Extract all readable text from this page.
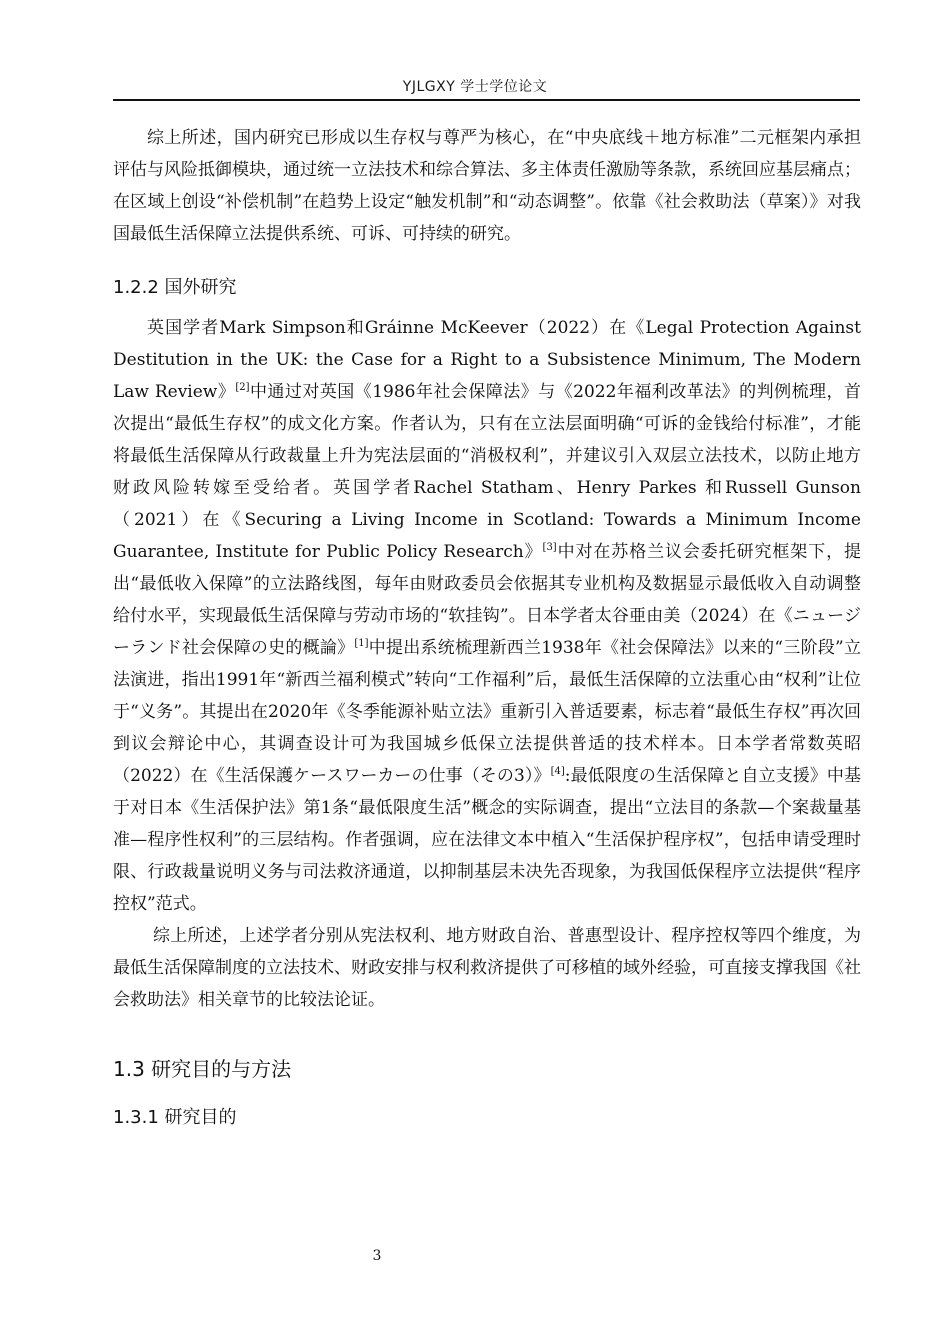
YJLGXY 学士学位论文

综上所述，国内研究已形成以生存权与尊严为核心，在“中央底线＋地方标准”二元框架内承担评估与风险抵御模块，通过统一立法技术和综合算法、多主体责任激励等条款，系统回应基层痛点；在区域上创设“补偿机制”在趋势上设定“触发机制”和“动态调整”。依靠《社会救助法（草案）》对我国最低生活保障立法提供系统、可诉、可持续的研究。

1.2.2 国外研究

英国学者Mark Simpson和Gráinne McKeever（2022）在《Legal Protection Against Destitution in the UK: the Case for a Right to a Subsistence Minimum, The Modern Law Review》[2]中通过对英国《1986年社会保障法》与《2022年福利改革法》的判例梳理，首次提出“最低生存权”的成文化方案。作者认为，只有在立法层面明确“可诉的金钱给付标准”，才能将最低生活保障从行政裁量上升为宪法层面的“消极权利”，并建议引入双层立法技术，以防止地方财政风险转嫁至受给者。英国学者Rachel Statham、Henry Parkes 和Russell Gunson（2021）在《Securing a Living Income in Scotland: Towards a Minimum Income Guarantee, Institute for Public Policy Research》[3]中对在苏格兰议会委托研究框架下，提出“最低收入保障”的立法路线图，每年由财政委员会依据其专业机构及数据显示最低收入自动调整给付水平，实现最低生活保障与劳动市场的“软挂钩”。日本学者太谷亜由美（2024）在《ニュージーランド社会保障の史的概論》[1]中提出系统梳理新西兰1938年《社会保障法》以来的“三阶段”立法演进，指出1991年“新西兰福利模式”转向“工作福利”后，最低生活保障的立法重心由“权利”让位于“义务”。其提出在2020年《冬季能源补贴立法》重新引入普适要素，标志着“最低生存权”再次回到议会辩论中心，其调查设计可为我国城乡低保立法提供普适的技术样本。日本学者常数英昭（2022）在《生活保護ケースワーカーの仕事（その3）》[4]:最低限度の生活保障と自立支援》中基于对日本《生活保护法》第1条“最低限度生活”概念的实际调查，提出“立法目的条款—个案裁量基准—程序性权利”的三层结构。作者强调，应在法律文本中植入“生活保护程序权”，包括申请受理时限、行政裁量说明义务与司法救济通道，以抑制基层未决先否现象，为我国低保程序立法提供“程序控权”范式。

综上所述，上述学者分别从宪法权利、地方财政自治、普惠型设计、程序控权等四个维度，为最低生活保障制度的立法技术、财政安排与权利救济提供了可移植的域外经验，可直接支撑我国《社会救助法》相关章节的比较法论证。

1.3 研究目的与方法
1.3.1 研究目的
3
